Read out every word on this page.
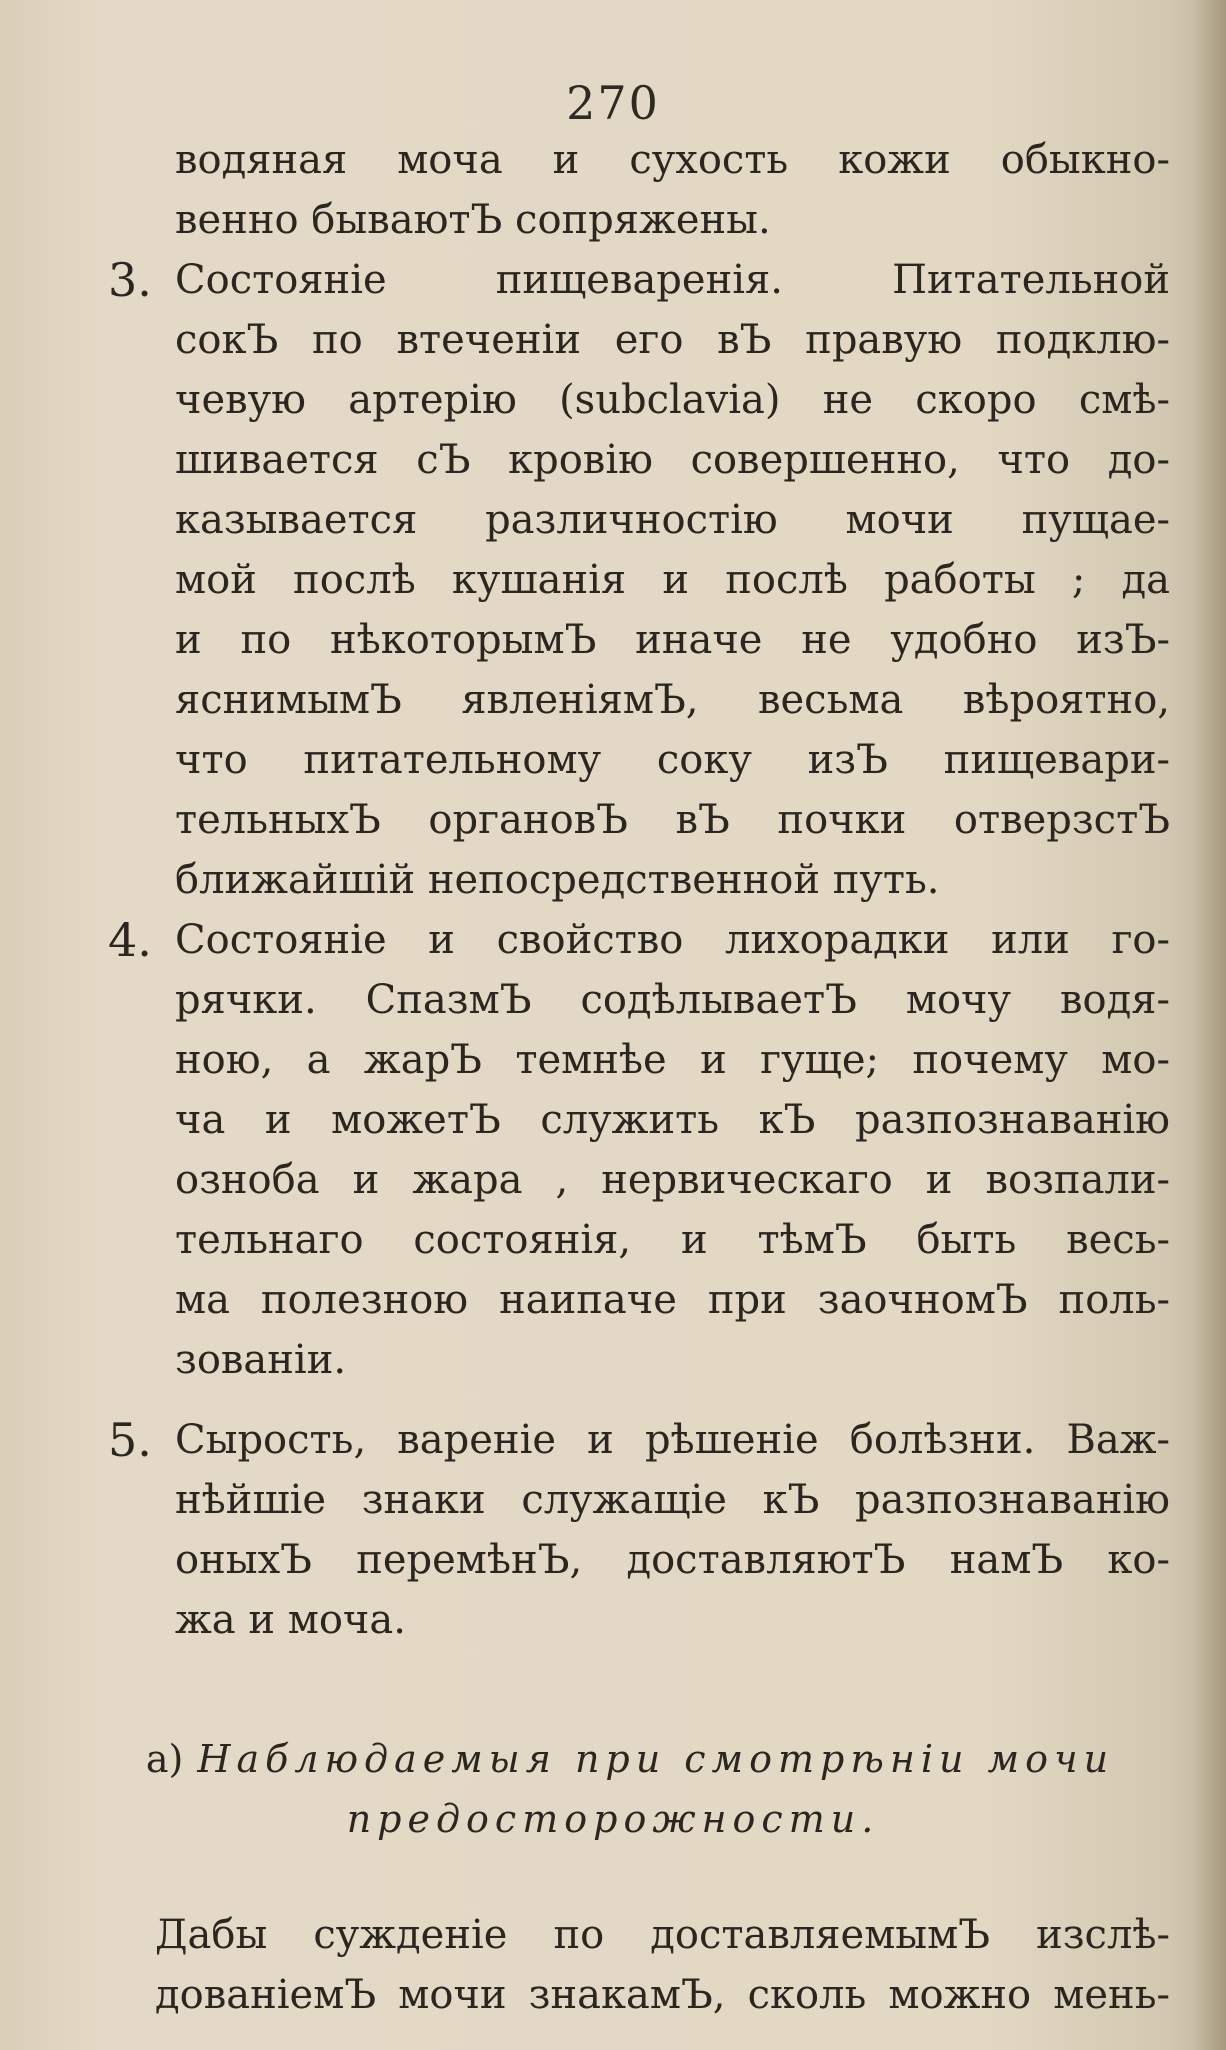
270
водяная моча и сухость кожи обыкно-
венно бываютЪ сопряжены.
3. Состояніе пищеваренія. Питательной
сокЪ по втеченіи его вЪ правую подклю-
чевую артерію (subclavia) не скоро смѣ-
шивается сЪ кровію совершенно, что до-
казывается различностію мочи пущае-
мой послѣ кушанія и послѣ работы ; да
и по нѣкоторымЪ иначе не удобно изЪ-
яснимымЪ явленіямЪ, весьма вѣроятно,
что питательному соку изЪ пищевари-
тельныхЪ органовЪ вЪ почки отверзстЪ
ближайшій непосредственной путь.
4. Состояніе и свойство лихорадки или го-
рячки. СпазмЪ содѣлываетЪ мочу водя-
ною, а жарЪ темнѣе и гуще; почему мо-
ча и можетЪ служить кЪ разпознаванію
озноба и жара , нервическаго и возпали-
тельнаго состоянія, и тѣмЪ быть весь-
ма полезною наипаче при заочномЪ поль-
зованіи.
5. Сырость, вареніе и рѣшеніе болѣзни. Важ-
нѣйшіе знаки служащіе кЪ разпознаванію
оныхЪ перемѣнЪ, доставляютЪ намЪ ко-
жа и моча.
а) Наблюдаемыя при смотрѣніи мочи
предосторожности.
Дабы сужденіе по доставляемымЪ изслѣ-
дованіемЪ мочи знакамЪ, сколь можно мень-
